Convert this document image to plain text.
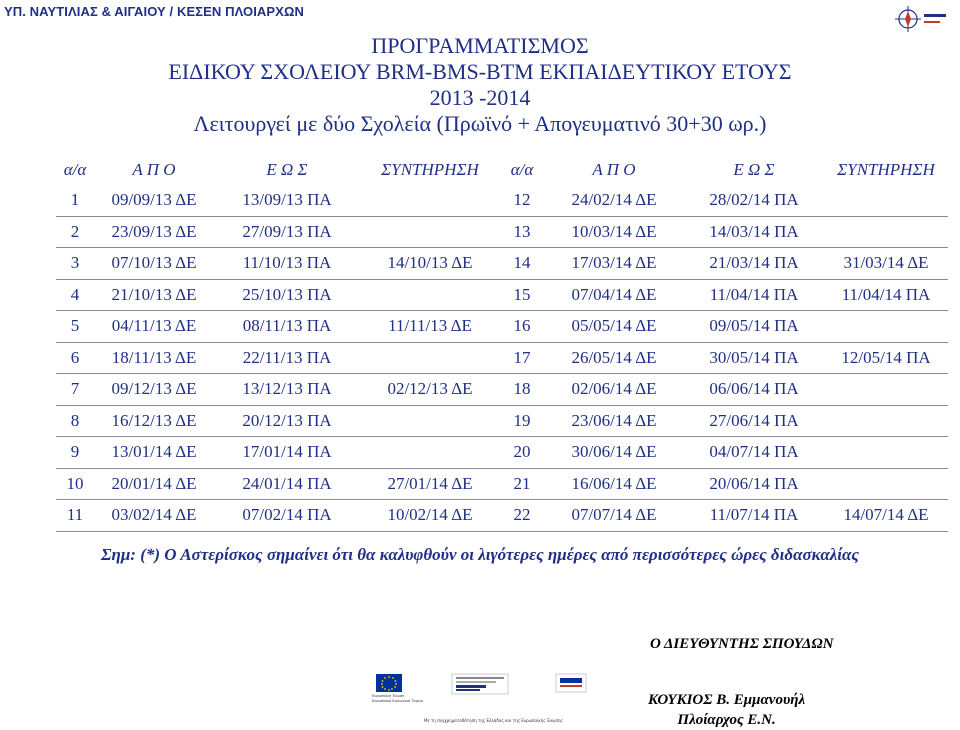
ΥΠ. ΝΑΥΤΙΛΙΑΣ & ΑΙΓΑΙΟΥ / ΚΕΣΕΝ ΠΛΟΙΑΡΧΩΝ
ΠΡΟΓΡΑΜΜΑΤΙΣΜΟΣ
ΕΙΔΙΚΟΥ ΣΧΟΛΕΙΟΥ BRM-BMS-BTM ΕΚΠΑΙΔΕΥΤΙΚΟΥ ΕΤΟΥΣ
2013 -2014
Λειτουργεί με δύο Σχολεία (Πρωϊνό + Απογευματινό 30+30 ωρ.)
α/α	Α Π Ο	Ε Ω Σ	ΣΥΝΤΗΡΗΣΗ	α/α	Α Π Ο	Ε Ω Σ	ΣΥΝΤΗΡΗΣΗ
1	09/09/13 ΔΕ	13/09/13 ΠΑ		12	24/02/14 ΔΕ	28/02/14 ΠΑ	
2	23/09/13 ΔΕ	27/09/13 ΠΑ		13	10/03/14 ΔΕ	14/03/14 ΠΑ	
3	07/10/13 ΔΕ	11/10/13 ΠΑ	14/10/13 ΔΕ	14	17/03/14 ΔΕ	21/03/14 ΠΑ	31/03/14 ΔΕ
4	21/10/13 ΔΕ	25/10/13 ΠΑ		15	07/04/14 ΔΕ	11/04/14 ΠΑ	11/04/14 ΠΑ
5	04/11/13 ΔΕ	08/11/13 ΠΑ	11/11/13 ΔΕ	16	05/05/14 ΔΕ	09/05/14 ΠΑ	
6	18/11/13 ΔΕ	22/11/13 ΠΑ		17	26/05/14 ΔΕ	30/05/14 ΠΑ	12/05/14 ΠΑ
7	09/12/13 ΔΕ	13/12/13 ΠΑ	02/12/13 ΔΕ	18	02/06/14 ΔΕ	06/06/14 ΠΑ	
8	16/12/13 ΔΕ	20/12/13 ΠΑ		19	23/06/14 ΔΕ	27/06/14 ΠΑ	
9	13/01/14 ΔΕ	17/01/14 ΠΑ		20	30/06/14 ΔΕ	04/07/14 ΠΑ	
10	20/01/14 ΔΕ	24/01/14 ΠΑ	27/01/14 ΔΕ	21	16/06/14 ΔΕ	20/06/14 ΠΑ	
11	03/02/14 ΔΕ	07/02/14 ΠΑ	10/02/14 ΔΕ	22	07/07/14 ΔΕ	11/07/14 ΠΑ	14/07/14 ΔΕ
Σημ: (*) Ο Αστερίσκος σημαίνει ότι θα καλυφθούν οι λιγότερες ημέρες από περισσότερες ώρες διδασκαλίας
Ο ΔΙΕΥΘΥΝΤΗΣ ΣΠΟΥΔΩΝ
Ευρωπαϊκή Ένωση
Ευρωπαϊκό Κοινωνικό Ταμείο
Με τη συγχρηματοδότηση της Ελλάδας και της Ευρωπαϊκής Ένωσης
ΚΟΥΚΙΟΣ Β. Εμμανουήλ
Πλοίαρχος Ε.Ν.
